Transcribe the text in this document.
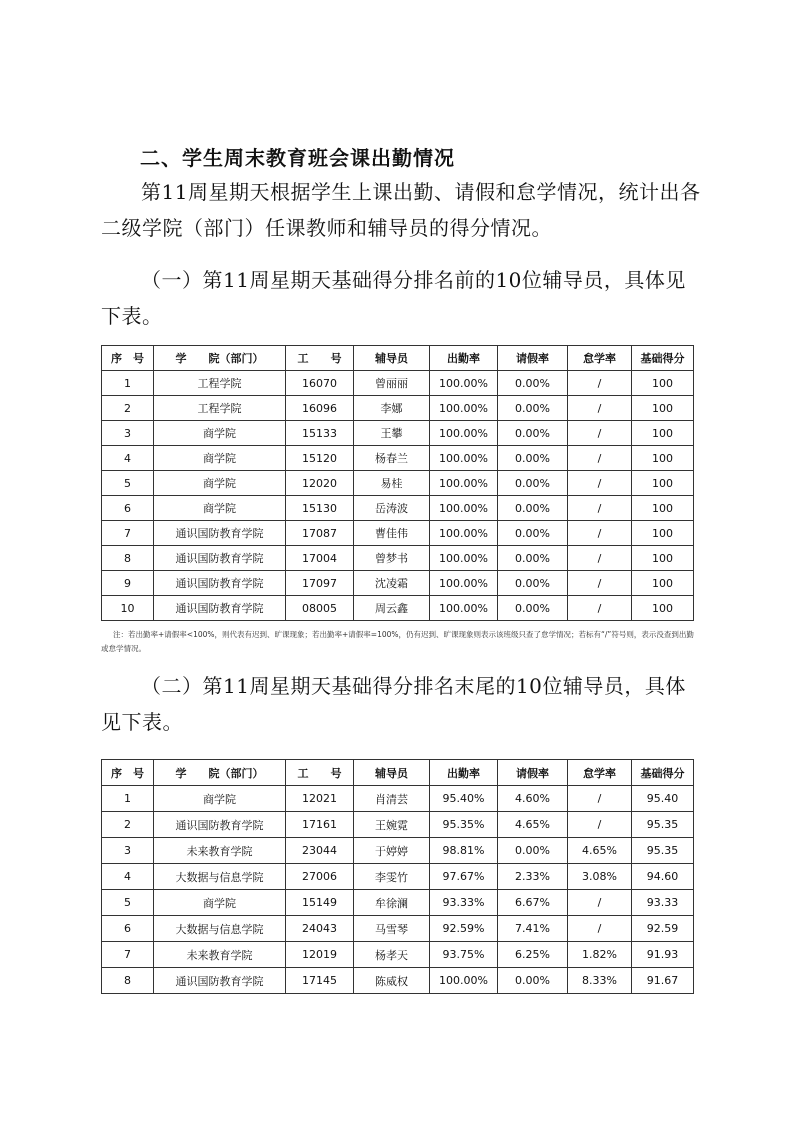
二、学生周末教育班会课出勤情况
第11周星期天根据学生上课出勤、请假和怠学情况，统计出各二级学院（部门）任课教师和辅导员的得分情况。
（一）第11周星期天基础得分排名前的10位辅导员，具体见下表。
序　号	学　　院（部门）	工　　号	辅导员	出勤率	请假率	怠学率	基础得分
1	工程学院	16070	曾丽丽	100.00%	0.00%	/	100
2	工程学院	16096	李娜	100.00%	0.00%	/	100
3	商学院	15133	王攀	100.00%	0.00%	/	100
4	商学院	15120	杨春兰	100.00%	0.00%	/	100
5	商学院	12020	易桂	100.00%	0.00%	/	100
6	商学院	15130	岳涛波	100.00%	0.00%	/	100
7	通识国防教育学院	17087	曹佳伟	100.00%	0.00%	/	100
8	通识国防教育学院	17004	曾梦书	100.00%	0.00%	/	100
9	通识国防教育学院	17097	沈凌霜	100.00%	0.00%	/	100
10	通识国防教育学院	08005	周云鑫	100.00%	0.00%	/	100
注：若出勤率+请假率<100%，则代表有迟到、旷课现象；若出勤率+请假率=100%，仍有迟到、旷课现象则表示该班级只查了怠学情况；若标有“/”符号则，表示没查到出勤或怠学情况。
（二）第11周星期天基础得分排名末尾的10位辅导员，具体见下表。
序　号	学　　院（部门）	工　　号	辅导员	出勤率	请假率	怠学率	基础得分
1	商学院	12021	肖清芸	95.40%	4.60%	/	95.40
2	通识国防教育学院	17161	王婉霓	95.35%	4.65%	/	95.35
3	未来教育学院	23044	于婷婷	98.81%	0.00%	4.65%	95.35
4	大数据与信息学院	27006	李雯竹	97.67%	2.33%	3.08%	94.60
5	商学院	15149	牟徐澜	93.33%	6.67%	/	93.33
6	大数据与信息学院	24043	马雪琴	92.59%	7.41%	/	92.59
7	未来教育学院	12019	杨孝天	93.75%	6.25%	1.82%	91.93
8	通识国防教育学院	17145	陈威权	100.00%	0.00%	8.33%	91.67
